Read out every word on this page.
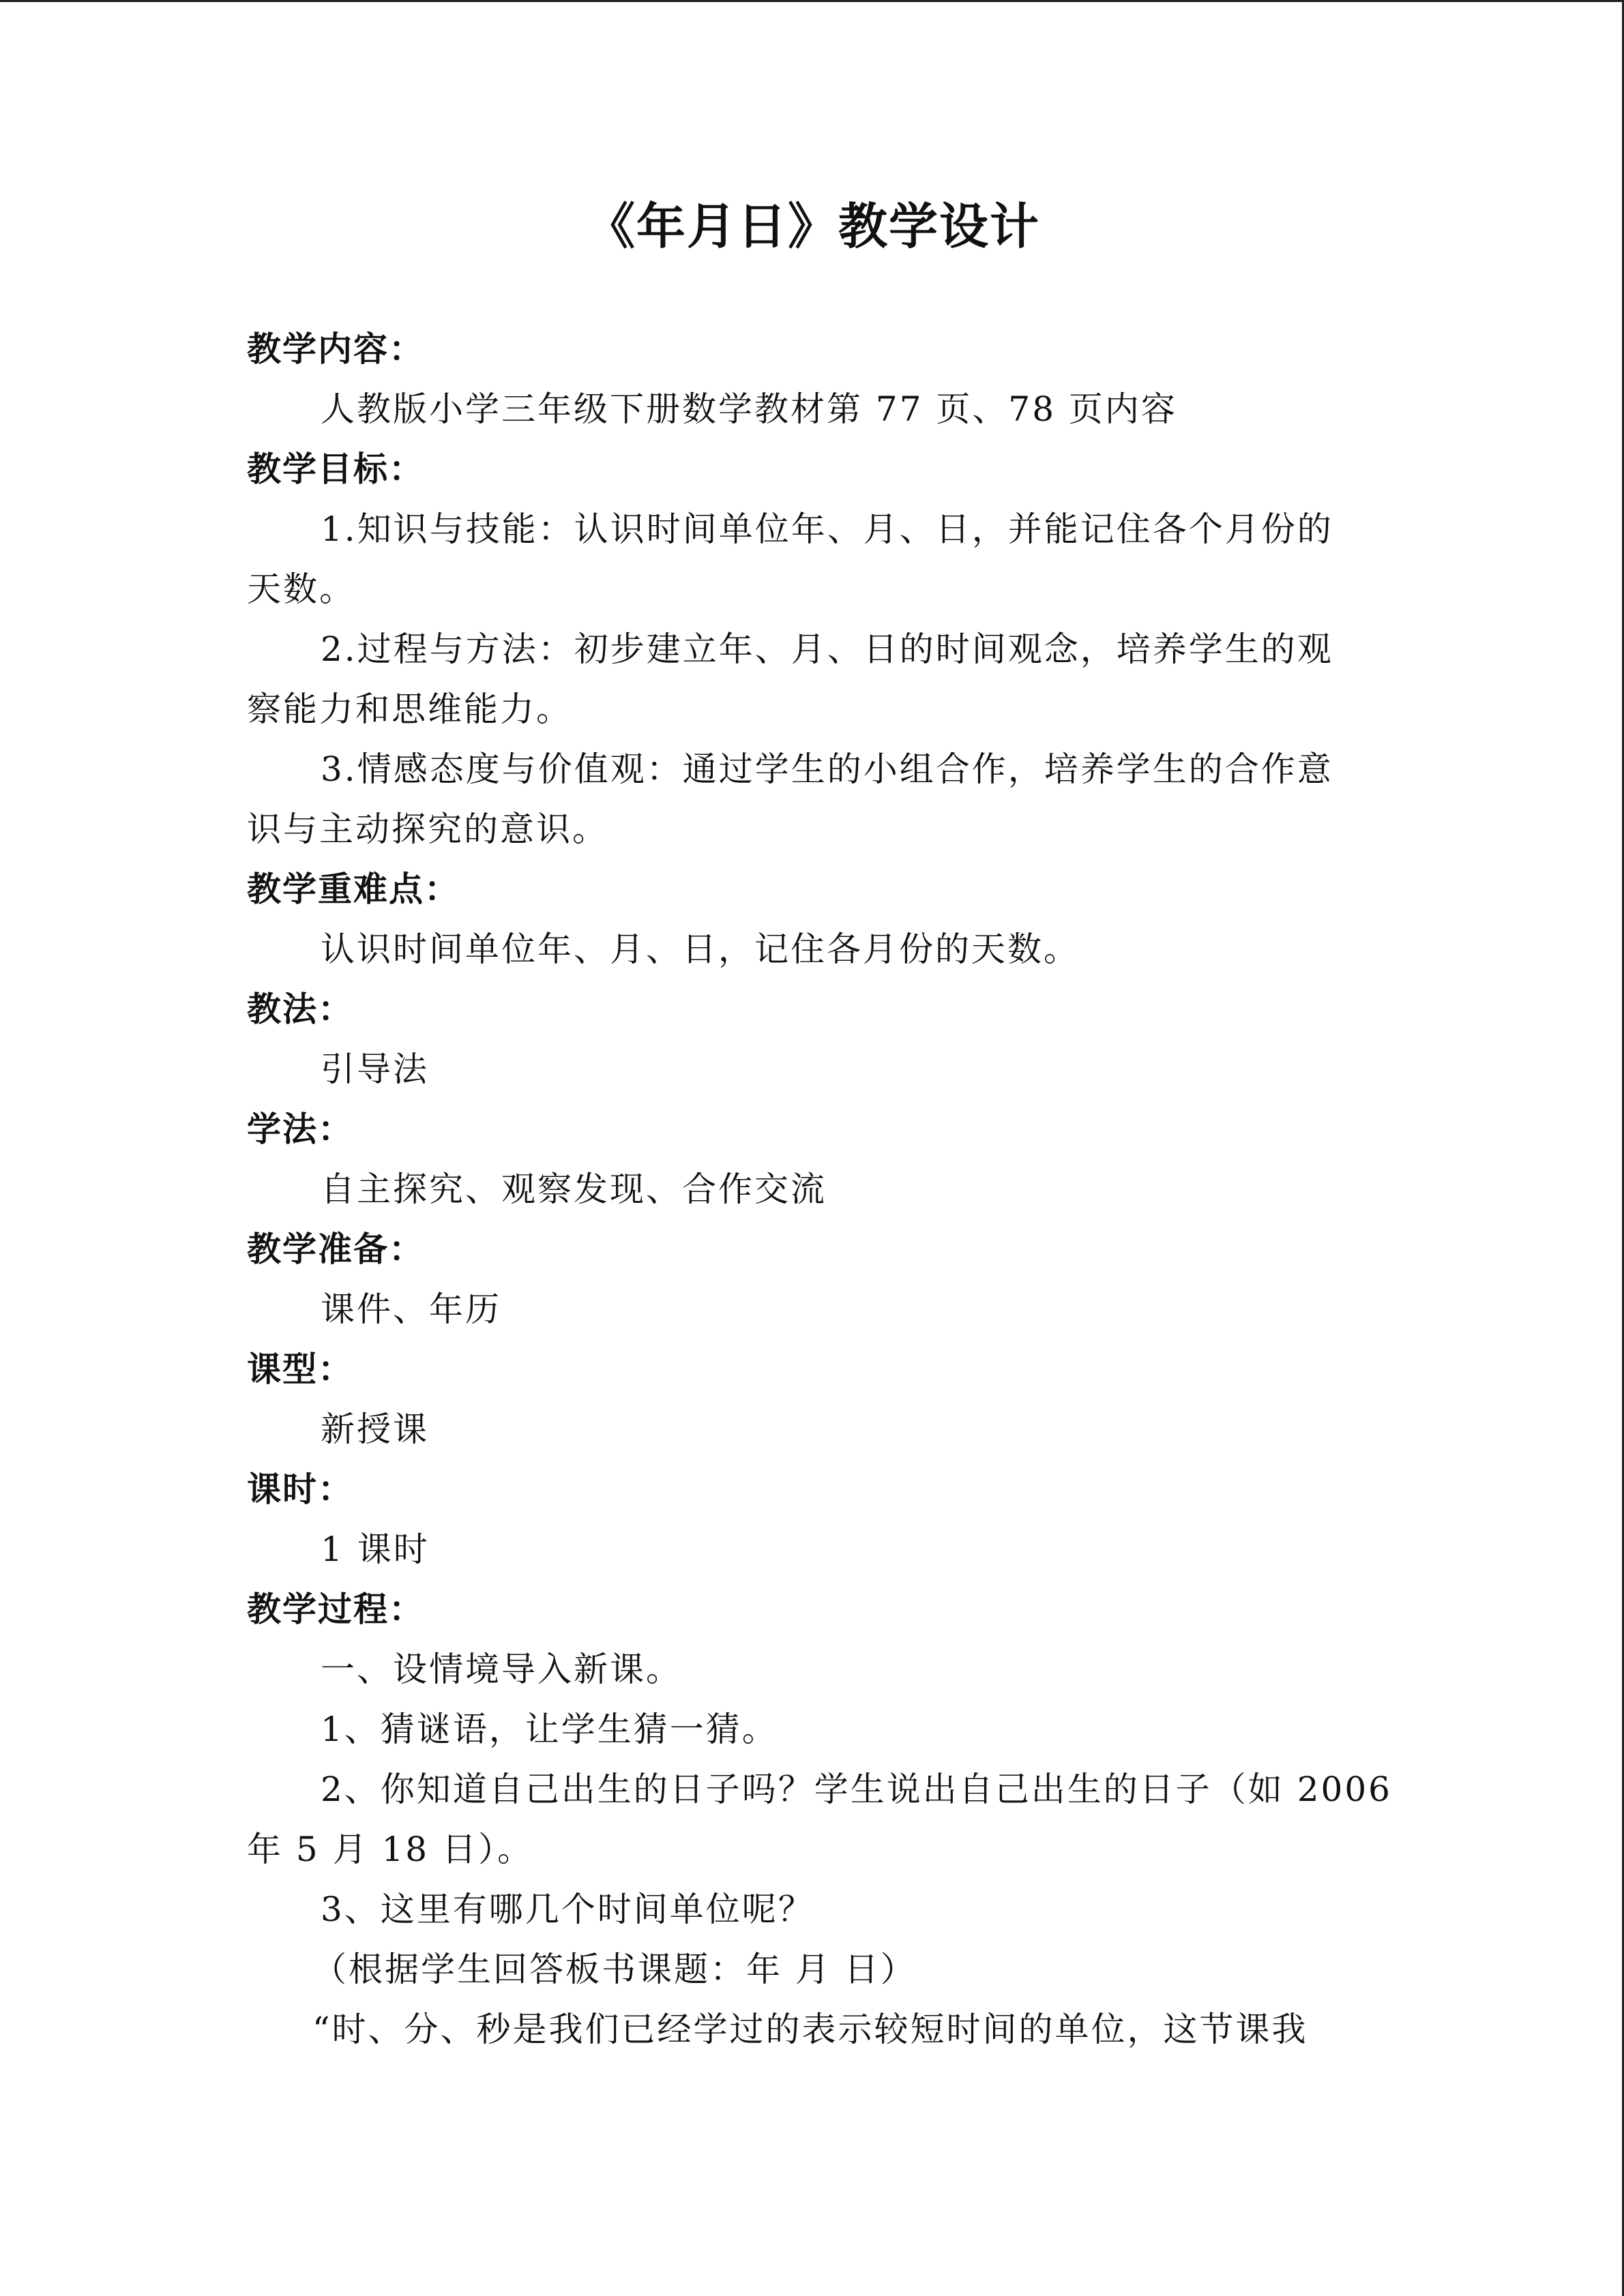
《年月日》教学设计
教学内容：
人教版小学三年级下册数学教材第 77 页、78 页内容
教学目标：
1.知识与技能：认识时间单位年、月、日，并能记住各个月份的
天数。
2.过程与方法：初步建立年、月、日的时间观念，培养学生的观
察能力和思维能力。
3.情感态度与价值观：通过学生的小组合作，培养学生的合作意
识与主动探究的意识。
教学重难点：
认识时间单位年、月、日，记住各月份的天数。
教法：
引导法
学法：
自主探究、观察发现、合作交流
教学准备：
课件、年历
课型：
新授课
课时：
1 课时
教学过程：
一、设情境导入新课。
1、猜谜语，让学生猜一猜。
2、你知道自己出生的日子吗？学生说出自己出生的日子（如 2006
年 5 月 18 日）。
3、这里有哪几个时间单位呢？
（根据学生回答板书课题：年 月 日）
“时、分、秒是我们已经学过的表示较短时间的单位，这节课我
